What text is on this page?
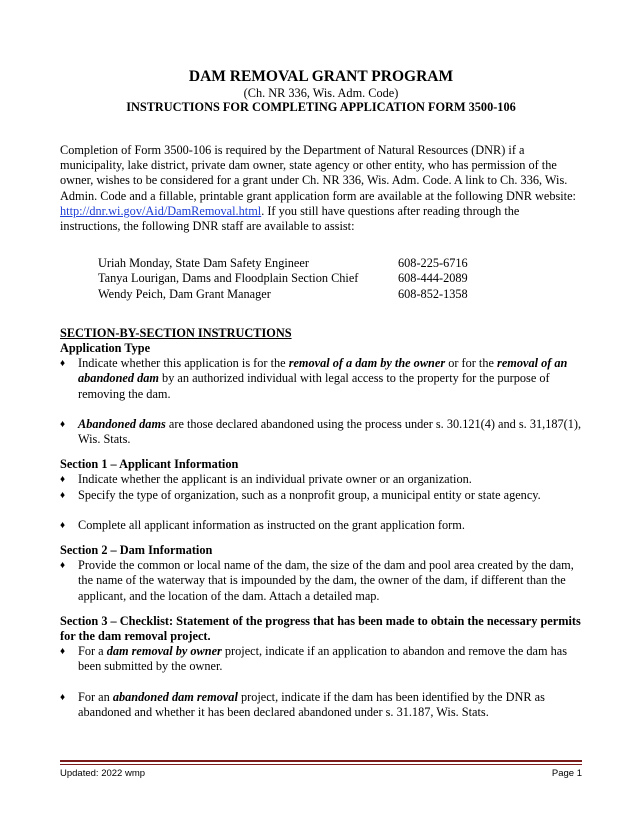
DAM REMOVAL GRANT PROGRAM
(Ch. NR 336, Wis. Adm. Code)
INSTRUCTIONS FOR COMPLETING APPLICATION FORM 3500-106
Completion of Form 3500-106 is required by the Department of Natural Resources (DNR) if a municipality, lake district, private dam owner, state agency or other entity, who has permission of the owner, wishes to be considered for a grant under Ch. NR 336, Wis. Adm. Code. A link to Ch. 336, Wis. Admin. Code and a fillable, printable grant application form are available at the following DNR website: http://dnr.wi.gov/Aid/DamRemoval.html. If you still have questions after reading through the instructions, the following DNR staff are available to assist:
Uriah Monday, State Dam Safety Engineer	608-225-6716
Tanya Lourigan, Dams and Floodplain Section Chief	608-444-2089
Wendy Peich, Dam Grant Manager	608-852-1358
SECTION-BY-SECTION INSTRUCTIONS
Application Type
♦	Indicate whether this application is for the removal of a dam by the owner or for the removal of an abandoned dam by an authorized individual with legal access to the property for the purpose of removing the dam.
♦	Abandoned dams are those declared abandoned using the process under s. 30.121(4) and s. 31,187(1), Wis. Stats.
Section 1 – Applicant Information
♦	Indicate whether the applicant is an individual private owner or an organization.
♦	Specify the type of organization, such as a nonprofit group, a municipal entity or state agency.
♦	Complete all applicant information as instructed on the grant application form.
Section 2 – Dam Information
♦	Provide the common or local name of the dam, the size of the dam and pool area created by the dam, the name of the waterway that is impounded by the dam, the owner of the dam, if different than the applicant, and the location of the dam. Attach a detailed map.
Section 3 – Checklist: Statement of the progress that has been made to obtain the necessary permits for the dam removal project.
♦	For a dam removal by owner project, indicate if an application to abandon and remove the dam has been submitted by the owner.
♦	For an abandoned dam removal project, indicate if the dam has been identified by the DNR as abandoned and whether it has been declared abandoned under s. 31.187, Wis. Stats.
Updated: 2022 wmp	Page 1
